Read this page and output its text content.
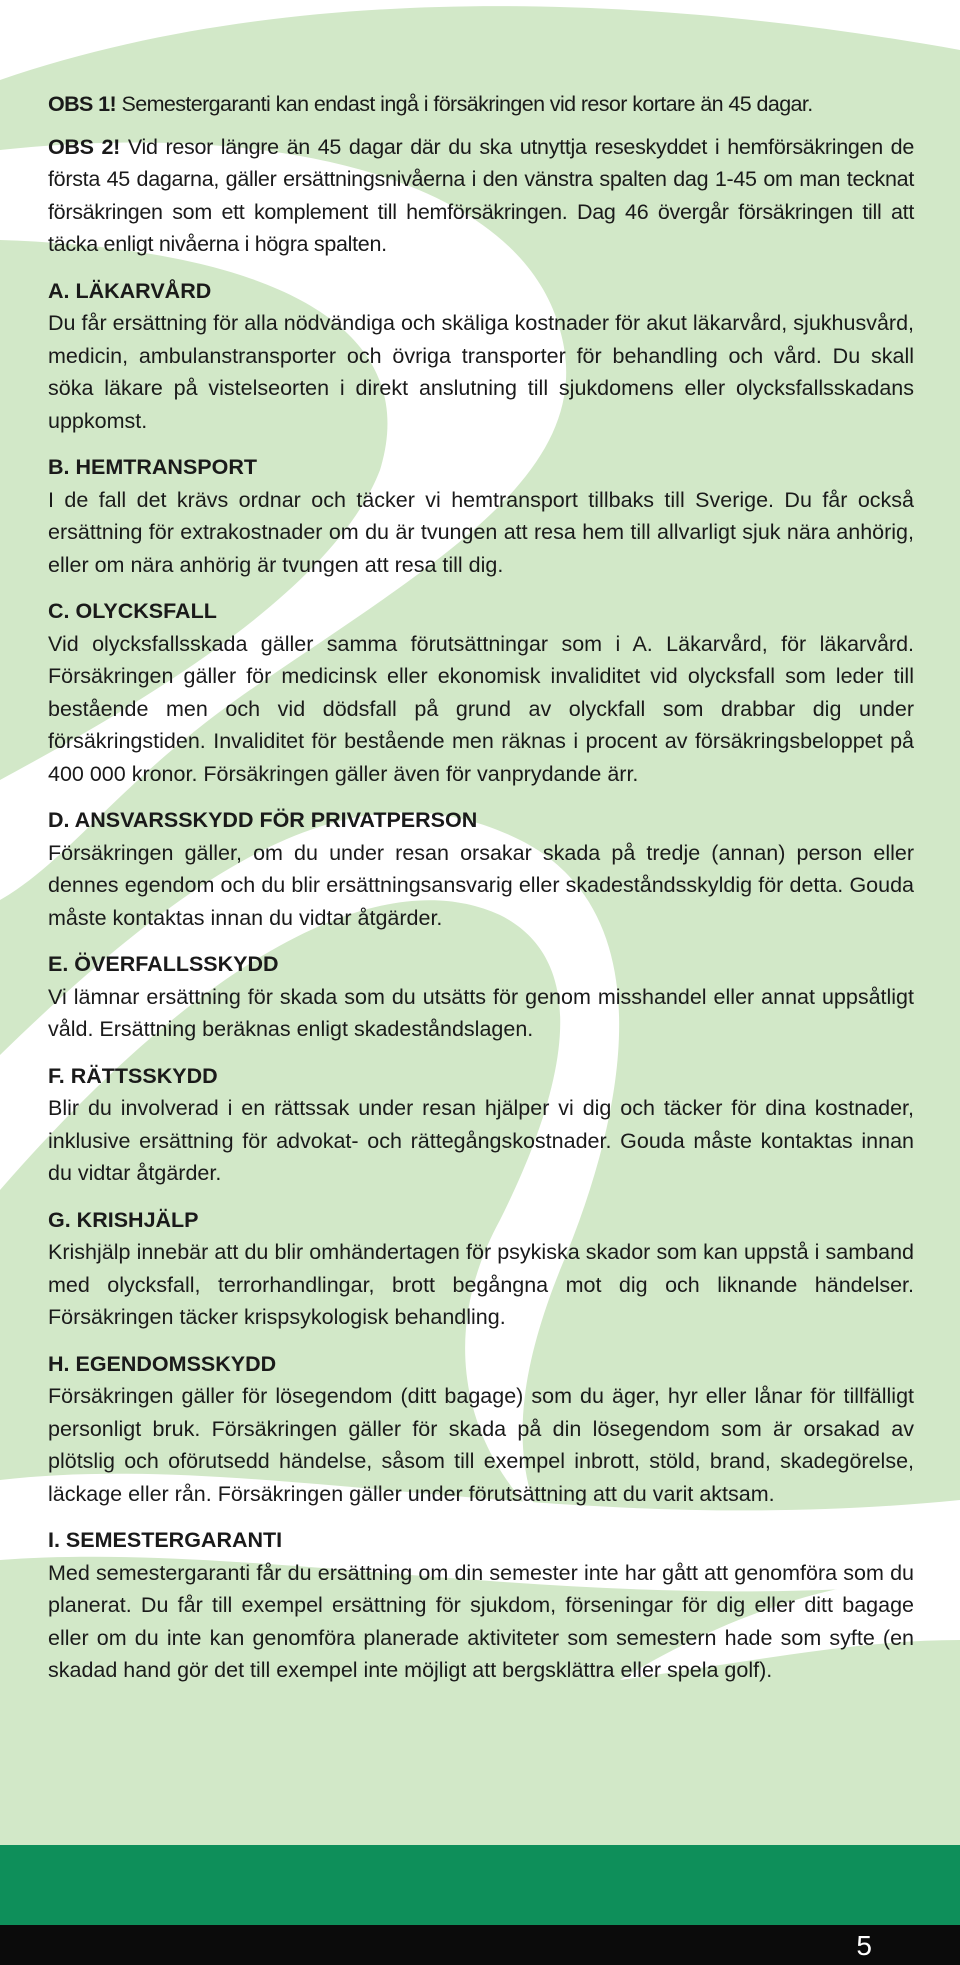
OBS 1! Semestergaranti kan endast ingå i försäkringen vid resor kortare än 45 dagar.

OBS 2! Vid resor längre än 45 dagar där du ska utnyttja reseskyddet i hemförsäkringen de första 45 dagarna, gäller ersättningsnivåerna i den vänstra spalten dag 1-45 om man tecknat försäkringen som ett komplement till hemförsäkringen. Dag 46 övergår försäkringen till att täcka enligt nivåerna i högra spalten.

A. LÄKARVÅRD

Du får ersättning för alla nödvändiga och skäliga kostnader för akut läkarvård, sjukhusvård, medicin, ambulanstransporter och övriga transporter för behandling och vård. Du skall söka läkare på vistelseorten i direkt anslutning till sjukdomens eller olycksfallsskadans uppkomst.

B. HEMTRANSPORT

I de fall det krävs ordnar och täcker vi hemtransport tillbaks till Sverige. Du får också ersättning för extrakostnader om du är tvungen att resa hem till allvarligt sjuk nära anhörig, eller om nära anhörig är tvungen att resa till dig.

C. OLYCKSFALL

Vid olycksfallsskada gäller samma förutsättningar som i A. Läkarvård, för läkarvård. Försäkringen gäller för medicinsk eller ekonomisk invaliditet vid olycksfall som leder till bestående men och vid dödsfall på grund av olyckfall som drabbar dig under försäkringstiden. Invaliditet för bestående men räknas i procent av försäkringsbeloppet på 400 000 kronor. Försäkringen gäller även för vanprydande ärr.

D. ANSVARSSKYDD FÖR PRIVATPERSON

Försäkringen gäller, om du under resan orsakar skada på tredje (annan) person eller dennes egendom och du blir ersättningsansvarig eller skadeståndsskyldig för detta. Gouda måste kontaktas innan du vidtar åtgärder.

E. ÖVERFALLSSKYDD

Vi lämnar ersättning för skada som du utsätts för genom misshandel eller annat uppsåtligt våld. Ersättning beräknas enligt skadeståndslagen.

F. RÄTTSSKYDD

Blir du involverad i en rättssak under resan hjälper vi dig och täcker för dina kostnader, inklusive ersättning för advokat- och rättegångskostnader. Gouda måste kontaktas innan du vidtar åtgärder.

G. KRISHJÄLP

Krishjälp innebär att du blir omhändertagen för psykiska skador som kan uppstå i samband med olycksfall, terrorhandlingar, brott begångna mot dig och liknande händelser. Försäkringen täcker krispsykologisk behandling.

H. EGENDOMSSKYDD

Försäkringen gäller för lösegendom (ditt bagage) som du äger, hyr eller lånar för tillfälligt personligt bruk. Försäkringen gäller för skada på din lösegendom som är orsakad av plötslig och oförutsedd händelse, såsom till exempel inbrott, stöld, brand, skadegörelse, läckage eller rån. Försäkringen gäller under förutsättning att du varit aktsam.

I. SEMESTERGARANTI

Med semestergaranti får du ersättning om din semester inte har gått att genomföra som du planerat. Du får till exempel ersättning för sjukdom, förseningar för dig eller ditt bagage eller om du inte kan genomföra planerade aktiviteter som semestern hade som syfte (en skadad hand gör det till exempel inte möjligt att bergsklättra eller spela golf).

5
